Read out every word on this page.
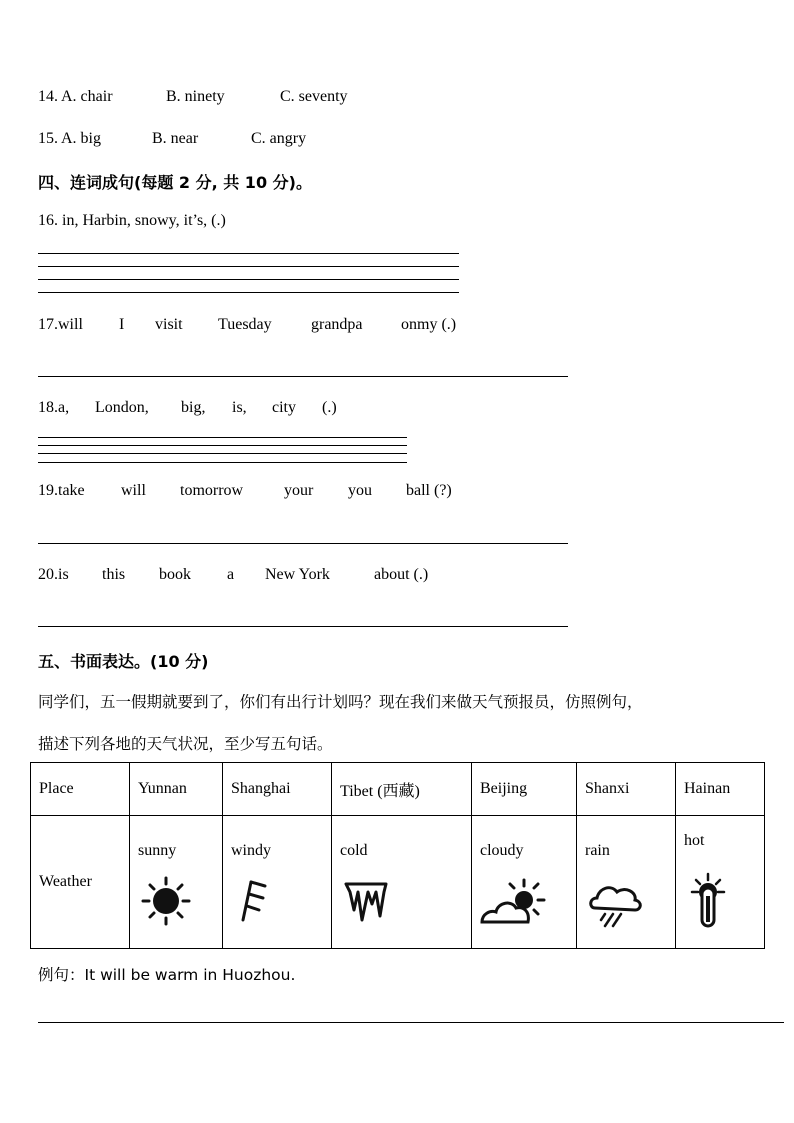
14. A. chair	B. ninety	C. seventy
15. A. big	B. near	C. angry
四、连词成句(每题 2 分, 共 10 分)。
16. in, Harbin, snowy, it’s, (.)
17.will I visit Tuesday grandpa onmy (.)
18.a, London, big, is, city (.)
19.take will tomorrow	your you ball (?)
20.is this book a New York	about (.)
五、书面表达。(10 分)
同学们，五一假期就要到了，你们有出行计划吗？现在我们来做天气预报员，仿照例句，
描述下列各地的天气状况，至少写五句话。
Place	Yunnan	Shanghai	Tibet (西藏)	Beijing	Shanxi	Hainan
Weather	sunny	windy	cold	cloudy	rain	hot
例句：It will be warm in Huozhou.
